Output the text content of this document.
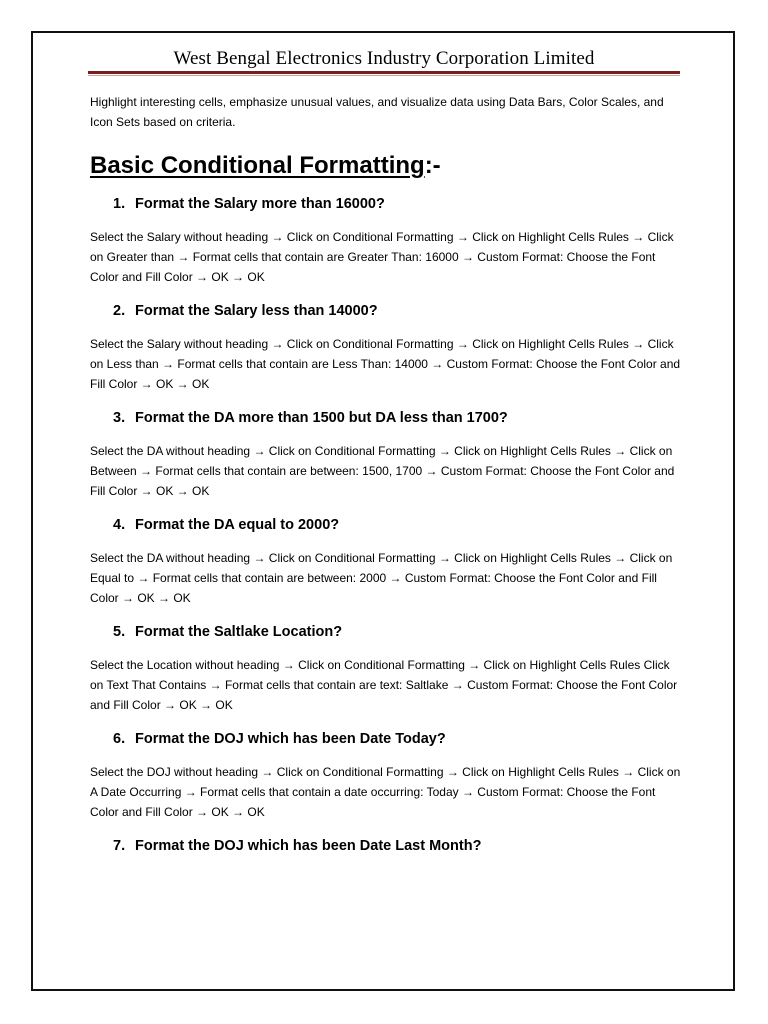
West Bengal Electronics Industry Corporation Limited

Highlight interesting cells, emphasize unusual values, and visualize data using Data Bars, Color Scales, and Icon Sets based on criteria.

Basic Conditional Formatting:-
1. Format the Salary more than 16000?

Select the Salary without heading → Click on Conditional Formatting → Click on Highlight Cells Rules → Click on Greater than → Format cells that contain are Greater Than: 16000 → Custom Format: Choose the Font Color and Fill Color → OK → OK

2. Format the Salary less than 14000?

Select the Salary without heading → Click on Conditional Formatting → Click on Highlight Cells Rules → Click on Less than → Format cells that contain are Less Than: 14000 → Custom Format: Choose the Font Color and Fill Color → OK → OK

3. Format the DA more than 1500 but DA less than 1700?

Select the DA without heading → Click on Conditional Formatting → Click on Highlight Cells Rules → Click on Between → Format cells that contain are between: 1500, 1700 → Custom Format: Choose the Font Color and Fill Color → OK → OK

4. Format the DA equal to 2000?

Select the DA without heading → Click on Conditional Formatting → Click on Highlight Cells Rules → Click on Equal to → Format cells that contain are between: 2000 → Custom Format: Choose the Font Color and Fill Color → OK → OK

5. Format the Saltlake Location?

Select the Location without heading → Click on Conditional Formatting → Click on Highlight Cells Rules Click on Text That Contains → Format cells that contain are text: Saltlake → Custom Format: Choose the Font Color and Fill Color → OK → OK

6. Format the DOJ which has been Date Today?

Select the DOJ without heading → Click on Conditional Formatting → Click on Highlight Cells Rules → Click on A Date Occurring → Format cells that contain a date occurring: Today → Custom Format: Choose the Font Color and Fill Color → OK → OK

7. Format the DOJ which has been Date Last Month?
